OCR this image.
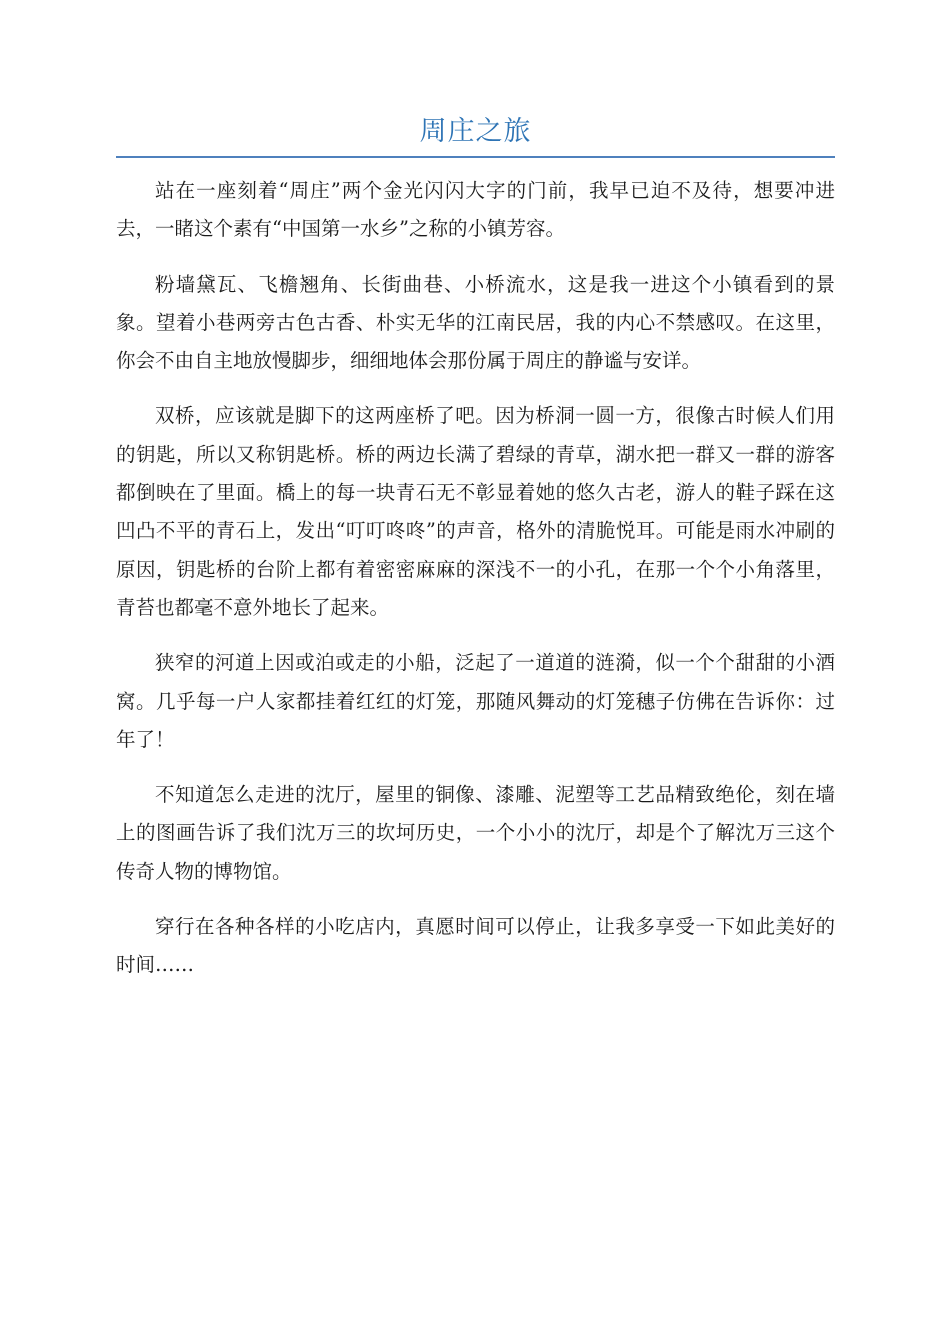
周庄之旅

站在一座刻着“周庄”两个金光闪闪大字的门前，我早已迫不及待，想要冲进去，一睹这个素有“中国第一水乡”之称的小镇芳容。

粉墙黛瓦、飞檐翘角、长街曲巷、小桥流水，这是我一进这个小镇看到的景象。望着小巷两旁古色古香、朴实无华的江南民居，我的内心不禁感叹。在这里，你会不由自主地放慢脚步，细细地体会那份属于周庄的静谧与安详。

双桥，应该就是脚下的这两座桥了吧。因为桥洞一圆一方，很像古时候人们用的钥匙，所以又称钥匙桥。桥的两边长满了碧绿的青草，湖水把一群又一群的游客都倒映在了里面。橋上的每一块青石无不彰显着她的悠久古老，游人的鞋子踩在这凹凸不平的青石上，发出“叮叮咚咚”的声音，格外的清脆悦耳。可能是雨水冲刷的原因，钥匙桥的台阶上都有着密密麻麻的深浅不一的小孔，在那一个个小角落里，青苔也都毫不意外地长了起来。

狭窄的河道上因或泊或走的小船，泛起了一道道的涟漪，似一个个甜甜的小酒窝。几乎每一户人家都挂着红红的灯笼，那随风舞动的灯笼穗子仿佛在告诉你：过年了！

不知道怎么走进的沈厅，屋里的铜像、漆雕、泥塑等工艺品精致绝伦，刻在墙上的图画告诉了我们沈万三的坎坷历史，一个小小的沈厅，却是个了解沈万三这个传奇人物的博物馆。

穿行在各种各样的小吃店内，真愿时间可以停止，让我多享受一下如此美好的时间……
